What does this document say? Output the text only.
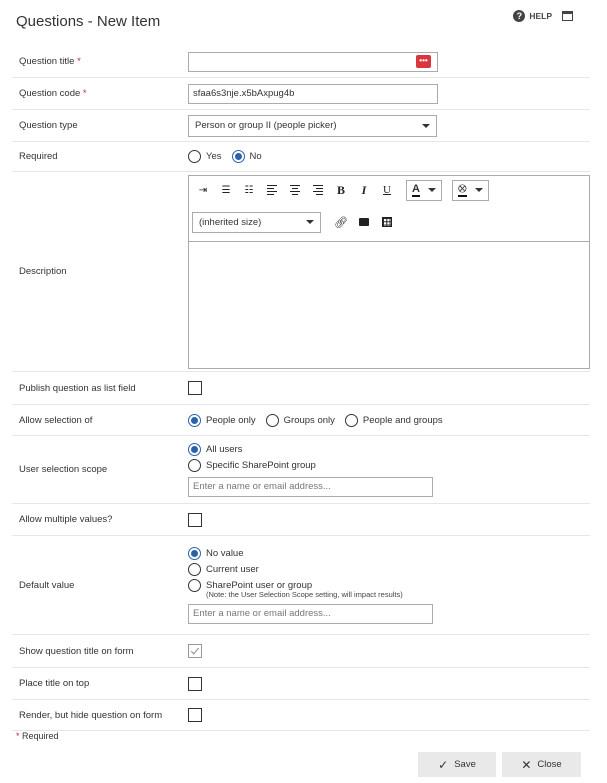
Questions - New Item	? HELP
Question title *	•••
Question code *
sfaa6s3nje.x5bAxpug4b
Question type	Person or group II (people picker)
Required	Yes	No
Description
⇥	☰	☷	B	I	U	A	⭙
(inherited size)	🔗︎
Publish question as list field
Allow selection of	People only	Groups only	People and groups
User selection scope
All users
Specific SharePoint group
Enter a name or email address...
Allow multiple values?
Default value
No value
Current user
SharePoint user or group
(Note: the User Selection Scope setting, will impact results)
Enter a name or email address...
Show question title on form
Place title on top
Render, but hide question on form
* Required
✓ Save	✕ Close
